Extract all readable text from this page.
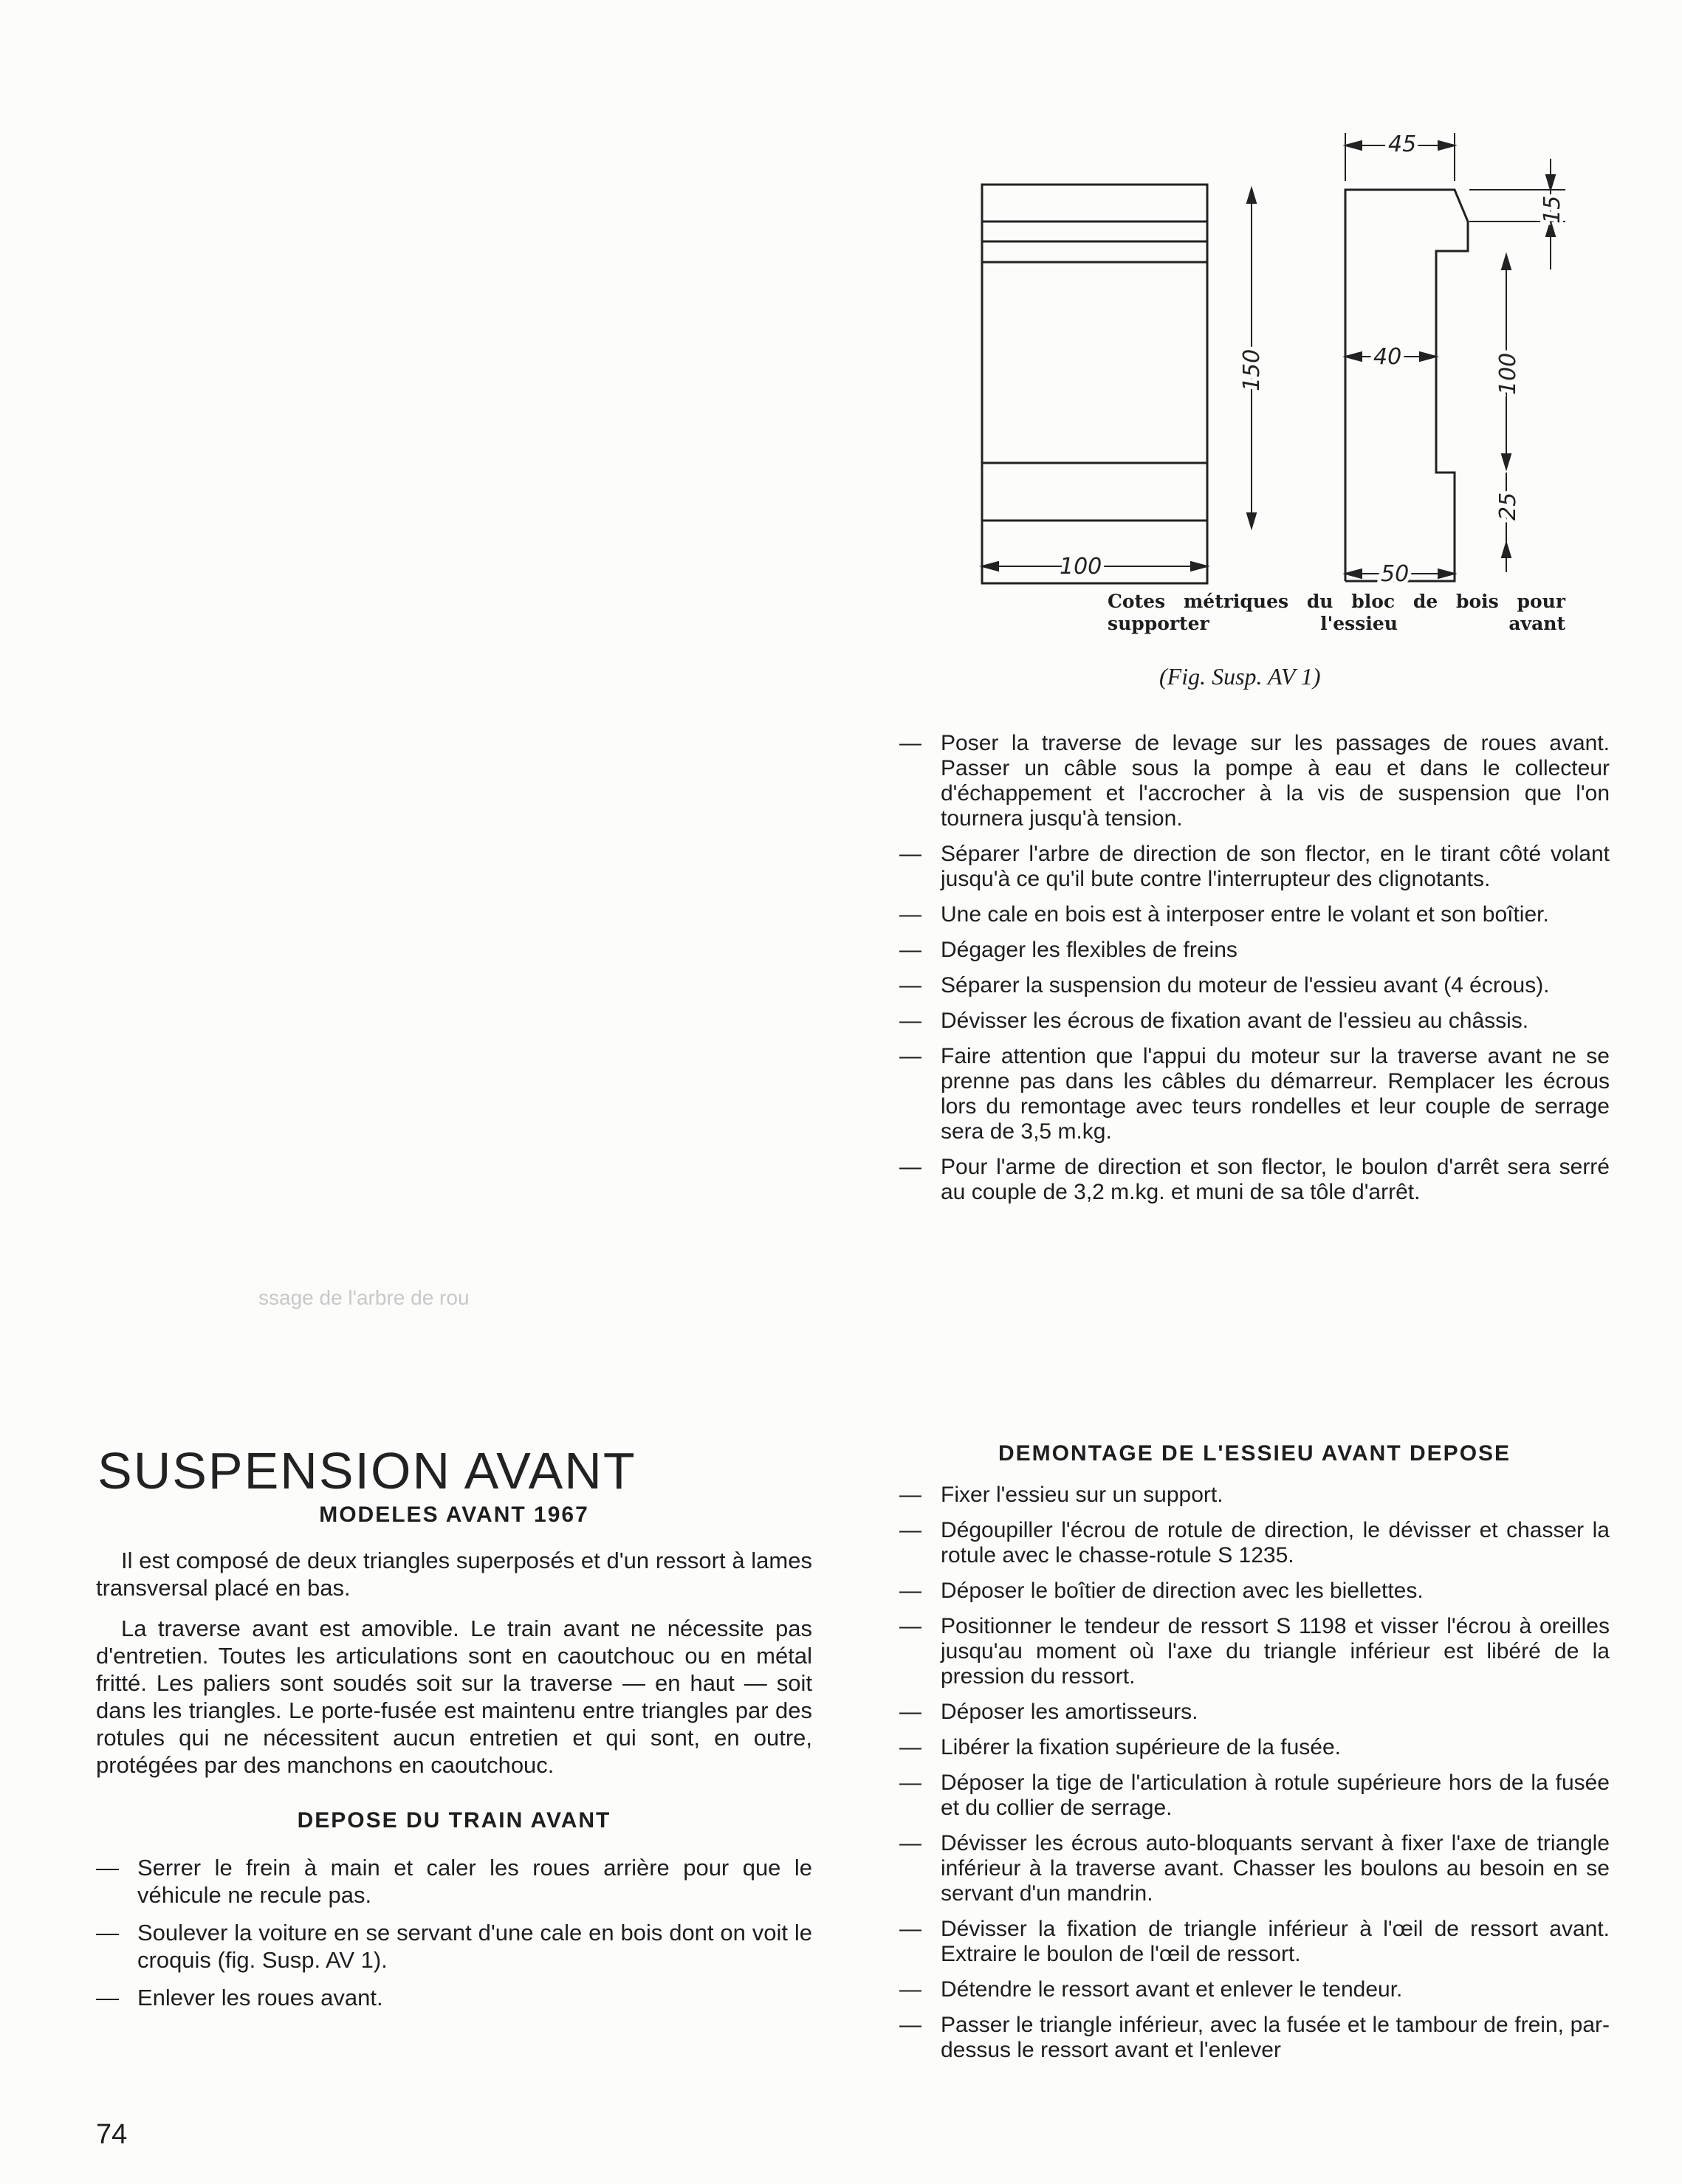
45
40
100	50
150	100
15
25
Cotes métriques du bloc de bois pour supporter l'essieu avant
(Fig. Susp. AV 1)
ssage de l'arbre de rou
— Poser la traverse de levage sur les passages de roues avant. Passer un câble sous la pompe à eau et dans le collecteur d'échappement et l'accrocher à la vis de suspension que l'on tournera jusqu'à tension.
— Séparer l'arbre de direction de son flector, en le tirant côté volant jusqu'à ce qu'il bute contre l'interrupteur des clignotants.
— Une cale en bois est à interposer entre le volant et son boîtier.
— Dégager les flexibles de freins
— Séparer la suspension du moteur de l'essieu avant (4 écrous).
— Dévisser les écrous de fixation avant de l'essieu au châssis.
— Faire attention que l'appui du moteur sur la traverse avant ne se prenne pas dans les câbles du démarreur. Remplacer les écrous lors du remontage avec teurs rondelles et leur couple de serrage sera de 3,5 m.kg.
— Pour l'arme de direction et son flector, le boulon d'arrêt sera serré au couple de 3,2 m.kg. et muni de sa tôle d'arrêt.

DEMONTAGE DE L'ESSIEU AVANT DEPOSE

— Fixer l'essieu sur un support.
— Dégoupiller l'écrou de rotule de direction, le dévisser et chasser la rotule avec le chasse-rotule S 1235.
— Déposer le boîtier de direction avec les biellettes.
— Positionner le tendeur de ressort S 1198 et visser l'écrou à oreilles jusqu'au moment où l'axe du triangle inférieur est libéré de la pression du ressort.
— Déposer les amortisseurs.
— Libérer la fixation supérieure de la fusée.
— Déposer la tige de l'articulation à rotule supérieure hors de la fusée et du collier de serrage.
— Dévisser les écrous auto-bloquants servant à fixer l'axe de triangle inférieur à la traverse avant. Chasser les boulons au besoin en se servant d'un mandrin.
— Dévisser la fixation de triangle inférieur à l'œil de ressort avant. Extraire le boulon de l'œil de ressort.
— Détendre le ressort avant et enlever le tendeur.
— Passer le triangle inférieur, avec la fusée et le tambour de frein, par-dessus le ressort avant et l'enlever
SUSPENSION AVANT

MODELES AVANT 1967

Il est composé de deux triangles superposés et d'un ressort à lames transversal placé en bas.

La traverse avant est amovible. Le train avant ne nécessite pas d'entretien. Toutes les articulations sont en caoutchouc ou en métal fritté. Les paliers sont soudés soit sur la traverse — en haut — soit dans les triangles. Le porte-fusée est maintenu entre triangles par des rotules qui ne nécessitent aucun entretien et qui sont, en outre, protégées par des manchons en caoutchouc.

DEPOSE DU TRAIN AVANT

— Serrer le frein à main et caler les roues arrière pour que le véhicule ne recule pas.
— Soulever la voiture en se servant d'une cale en bois dont on voit le croquis (fig. Susp. AV 1).
— Enlever les roues avant.
74
